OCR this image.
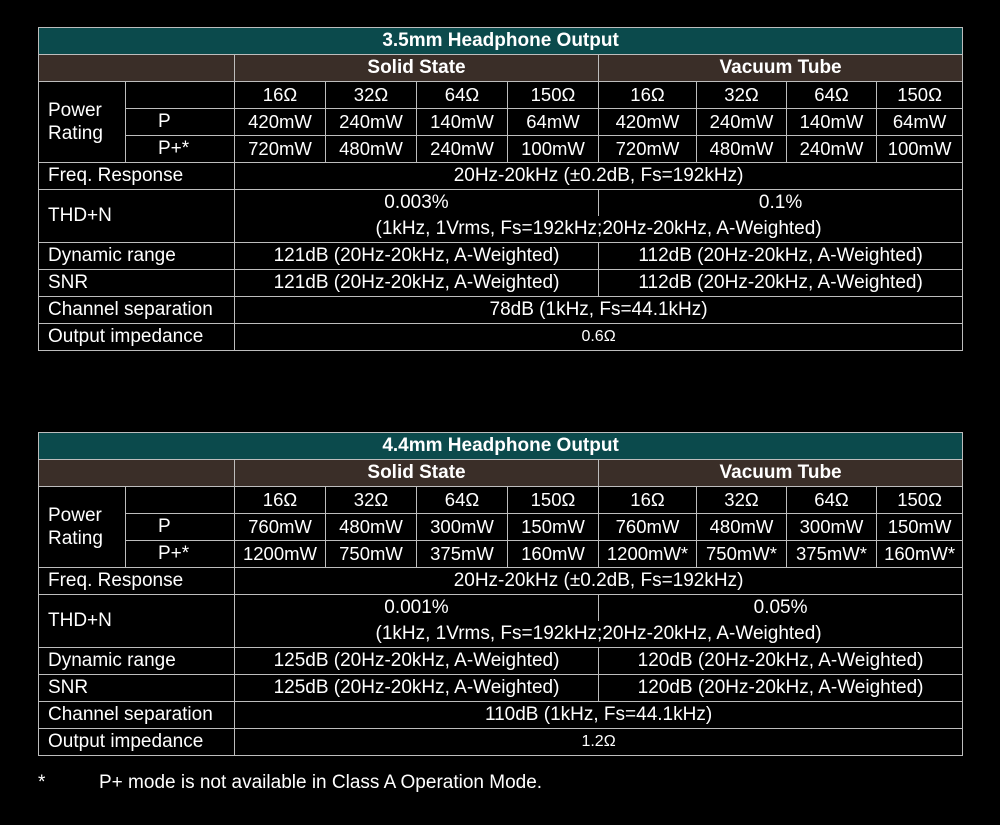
3.5mm Headphone Output									
		Solid State				Vacuum Tube			
Power Rating		16Ω	32Ω	64Ω	150Ω	16Ω	32Ω	64Ω	150Ω
	P	420mW	240mW	140mW	64mW	420mW	240mW	140mW	64mW
	P+*	720mW	480mW	240mW	100mW	720mW	480mW	240mW	100mW
Freq. Response		20Hz-20kHz (±0.2dB, Fs=192kHz)							
THD+N		0.003%				0.1%			
		(1kHz, 1Vrms, Fs=192kHz;20Hz-20kHz, A-Weighted)							
Dynamic range		121dB (20Hz-20kHz, A-Weighted)				112dB (20Hz-20kHz, A-Weighted)			
SNR		121dB (20Hz-20kHz, A-Weighted)				112dB (20Hz-20kHz, A-Weighted)			
Channel separation		78dB (1kHz, Fs=44.1kHz)							
Output impedance		0.6Ω							
4.4mm Headphone Output									
		Solid State				Vacuum Tube			
Power Rating		16Ω	32Ω	64Ω	150Ω	16Ω	32Ω	64Ω	150Ω
	P	760mW	480mW	300mW	150mW	760mW	480mW	300mW	150mW
	P+*	1200mW	750mW	375mW	160mW	1200mW*	750mW*	375mW*	160mW*
Freq. Response		20Hz-20kHz (±0.2dB, Fs=192kHz)							
THD+N		0.001%				0.05%			
		(1kHz, 1Vrms, Fs=192kHz;20Hz-20kHz, A-Weighted)							
Dynamic range		125dB (20Hz-20kHz, A-Weighted)				120dB (20Hz-20kHz, A-Weighted)			
SNR		125dB (20Hz-20kHz, A-Weighted)				120dB (20Hz-20kHz, A-Weighted)			
Channel separation		110dB (1kHz, Fs=44.1kHz)							
Output impedance		1.2Ω							
*	P+ mode is not available in Class A Operation Mode.
